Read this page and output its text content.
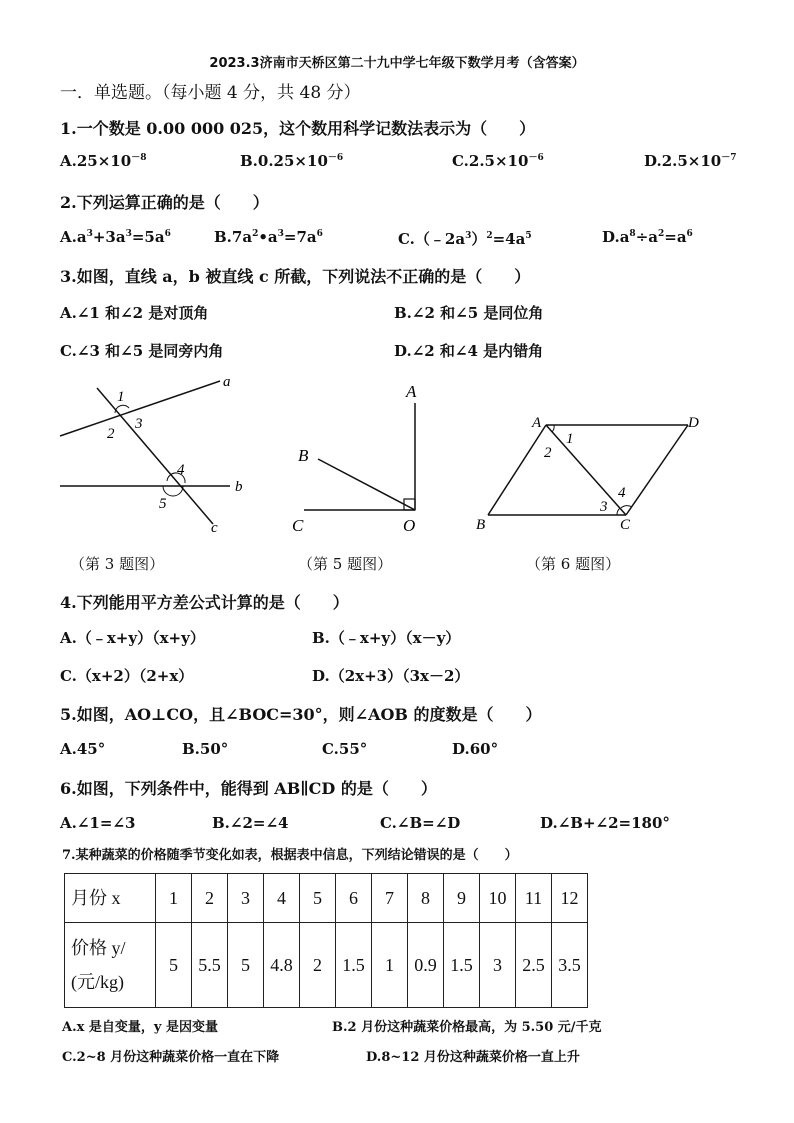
2023.3济南市天桥区第二十九中学七年级下数学月考（含答案）
一．单选题。（每小题 4 分，共 48 分）
1.一个数是 0.00 000 025，这个数用科学记数法表示为（　　）
$A.25\times 10^{-8}$	$B.0.25\times 10^{-6}$	$C.2.5\times 10^{-6}$	$D.2.5\times 10^{-7}$
2.下列运算正确的是（　　）
$A.a^3+3a^3=5a^6$	$B.7a^2•a^3=7a^6$	$C.(﹣2a^3)^2=4a^5$	$D.a^8\div a^2=a^6$
3.如图，直线 a，b 被直线 c 所截，下列说法不正确的是（　　）
A.∠1 和∠2 是对顶角	B.∠2 和∠5 是同位角
C.∠3 和∠5 是同旁内角	D.∠2 和∠4 是内错角
1
2
3
4
5
a
b
c
（第 3 题图）
A
B
C	O
（第 5 题图）
A
B	C
D
1
2
3
4
（第 6 题图）
4.下列能用平方差公式计算的是（　　）
A.（﹣x+y）（x+y）	B.（﹣x+y）（x－y）
C.（x+2）（2+x）	D.（2x+3）（3x－2）
5.如图，AO⊥CO，且∠BOC=30°，则∠AOB 的度数是（　　）
A.45°	B.50°	C.55°	D.60°
6.如图，下列条件中，能得到 AB∥CD 的是（　　）
A.∠1=∠3	B.∠2=∠4	C.∠B=∠D	D.∠B+∠2=180°
7.某种蔬菜的价格随季节变化如表，根据表中信息，下列结论错误的是（　　）
月份 x	1	2	3	4	5	6	7	8	9	10	11	12
价格 y/
(元/kg)	5	5.5	5	4.8	2	1.5	1	0.9	1.5	3	2.5	3.5
A.x 是自变量，y 是因变量	B.2 月份这种蔬菜价格最高，为 5.50 元/千克
C.2~8 月份这种蔬菜价格一直在下降	D.8~12 月份这种蔬菜价格一直上升
